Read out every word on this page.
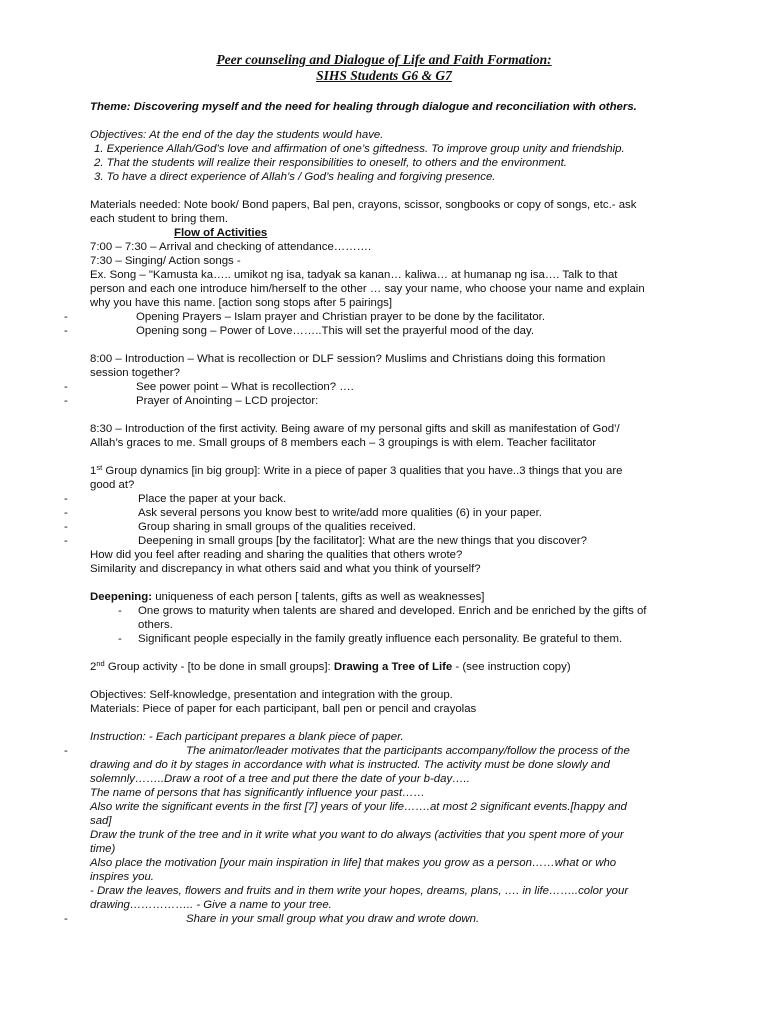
Peer counseling and Dialogue of Life and Faith Formation:
SIHS Students G6 & G7
Theme: Discovering myself and the need for healing through dialogue and reconciliation with others.
Objectives: At the end of the day the students would have.
1. Experience Allah/God’s love and affirmation of one’s giftedness. To improve group unity and friendship.
2. That the students will realize their responsibilities to oneself, to others and the environment.
3. To have a direct experience of Allah’s / God’s healing and forgiving presence.
Materials needed: Note book/ Bond papers, Bal pen, crayons, scissor, songbooks or copy of songs, etc.- ask
each student to bring them.
Flow of Activities
7:00 – 7:30 – Arrival and checking of attendance……….
7:30 – Singing/ Action songs -
Ex. Song – "Kamusta ka….. umikot ng isa, tadyak sa kanan… kaliwa… at humanap ng isa…. Talk to that
person and each one introduce him/herself to the other … say your name, who choose your name and explain
why you have this name. [action song stops after 5 pairings]
-	Opening Prayers – Islam prayer and Christian prayer to be done by the facilitator.
-	Opening song – Power of Love……..This will set the prayerful mood of the day.
8:00 – Introduction – What is recollection or DLF session? Muslims and Christians doing this formation
session together?
-	See power point – What is recollection? ….
-	Prayer of Anointing – LCD projector:
8:30 – Introduction of the first activity. Being aware of my personal gifts and skill as manifestation of God’/
Allah’s graces to me. Small groups of 8 members each – 3 groupings is with elem. Teacher facilitator
1st Group dynamics [in big group]: Write in a piece of paper 3 qualities that you have..3 things that you are
good at?
-	Place the paper at your back.
-	Ask several persons you know best to write/add more qualities (6) in your paper.
-	Group sharing in small groups of the qualities received.
-	Deepening in small groups [by the facilitator]: What are the new things that you discover?
How did you feel after reading and sharing the qualities that others wrote?
Similarity and discrepancy in what others said and what you think of yourself?
Deepening: uniqueness of each person [ talents, gifts as well as weaknesses]
- One grows to maturity when talents are shared and developed. Enrich and be enriched by the gifts of
others.
- Significant people especially in the family greatly influence each personality. Be grateful to them.
2nd Group activity - [to be done in small groups]: Drawing a Tree of Life - (see instruction copy)
Objectives: Self-knowledge, presentation and integration with the group.
Materials: Piece of paper for each participant, ball pen or pencil and crayolas
Instruction: - Each participant prepares a blank piece of paper.
-	The animator/leader motivates that the participants accompany/follow the process of the
drawing and do it by stages in accordance with what is instructed. The activity must be done slowly and
solemnly……..Draw a root of a tree and put there the date of your b-day…..
The name of persons that has significantly influence your past……
Also write the significant events in the first [7] years of your life…….at most 2 significant events.[happy and
sad]
Draw the trunk of the tree and in it write what you want to do always (activities that you spent more of your
time)
Also place the motivation [your main inspiration in life] that makes you grow as a person……what or who
inspires you.
- Draw the leaves, flowers and fruits and in them write your hopes, dreams, plans, …. in life……..color your
drawing…………….. - Give a name to your tree.
-	Share in your small group what you draw and wrote down.
